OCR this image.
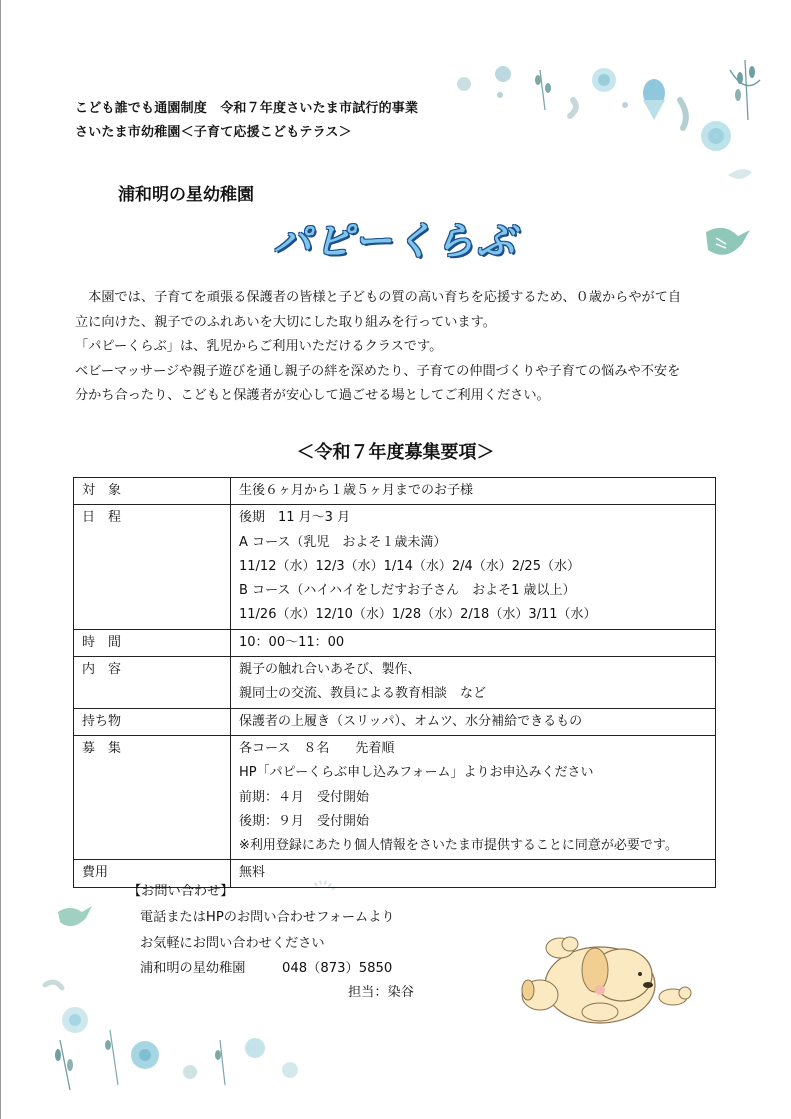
こども誰でも通園制度　令和７年度さいたま市試行的事業
さいたま市幼稚園＜子育て応援こどもテラス＞
浦和明の星幼稚園
パピーくらぶ

　本園では、子育てを頑張る保護者の皆様と子どもの質の高い育ちを応援するため、０歳からやがて自

立に向けた、親子でのふれあいを大切にした取り組みを行っています。

「パピーくらぶ」は、乳児からご利用いただけるクラスです。

ベビーマッサージや親子遊びを通し親子の絆を深めたり、子育ての仲間づくりや子育ての悩みや不安を

分かち合ったり、こどもと保護者が安心して過ごせる場としてご利用ください。

＜令和７年度募集要項＞
対　象	生後６ヶ月から１歳５ヶ月までのお子様

日　程	後期　11 月～3 月
A コース（乳児　およそ１歳未満）
11/12（水）12/3（水）1/14（水）2/4（水）2/25（水）
B コース（ハイハイをしだすお子さん　およそ1 歳以上）
11/26（水）12/10（水）1/28（水）2/18（水）3/11（水）

時　間	10：00～11：00

内　容	親子の触れ合いあそび、製作、
親同士の交流、教員による教育相談　など

持ち物	保護者の上履き（スリッパ）、オムツ、水分補給できるもの

募　集	各コース　８名　　先着順
HP「パピーくらぶ申し込みフォーム」よりお申込みください
前期：４月　受付開始
後期：９月　受付開始
※利用登録にあたり個人情報をさいたま市提供することに同意が必要です。

費用	無料
【お問い合わせ】
電話またはHPのお問い合わせフォームより
お気軽にお問い合わせください
浦和明の星幼稚園	048（873）5850
担当：染谷
